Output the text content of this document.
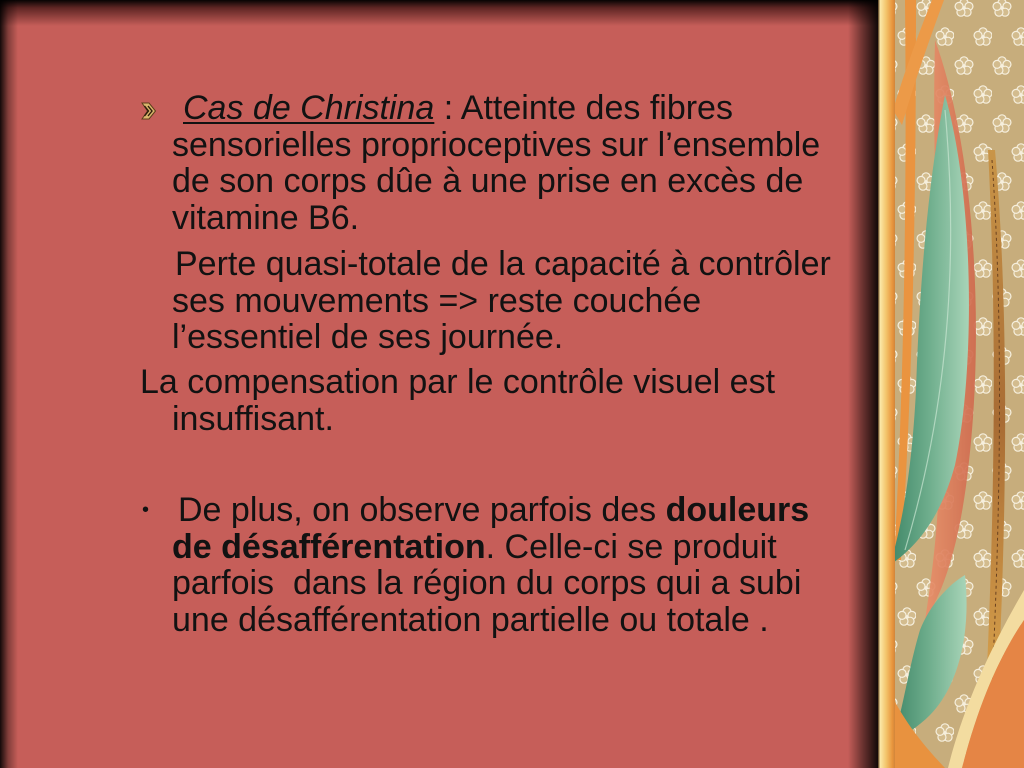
Cas de Christina : Atteinte des fibres sensorielles proprioceptives sur l’ensemble de son corps dûe à une prise en excès de vitamine B6.

Perte quasi-totale de la capacité à contrôler ses mouvements => reste couchée l’essentiel de ses journée.

La compensation par le contrôle visuel est insuffisant.

• De plus, on observe parfois des douleurs de désafférentation. Celle-ci se produit parfois  dans la région du corps qui a subi une désafférentation partielle ou totale .
